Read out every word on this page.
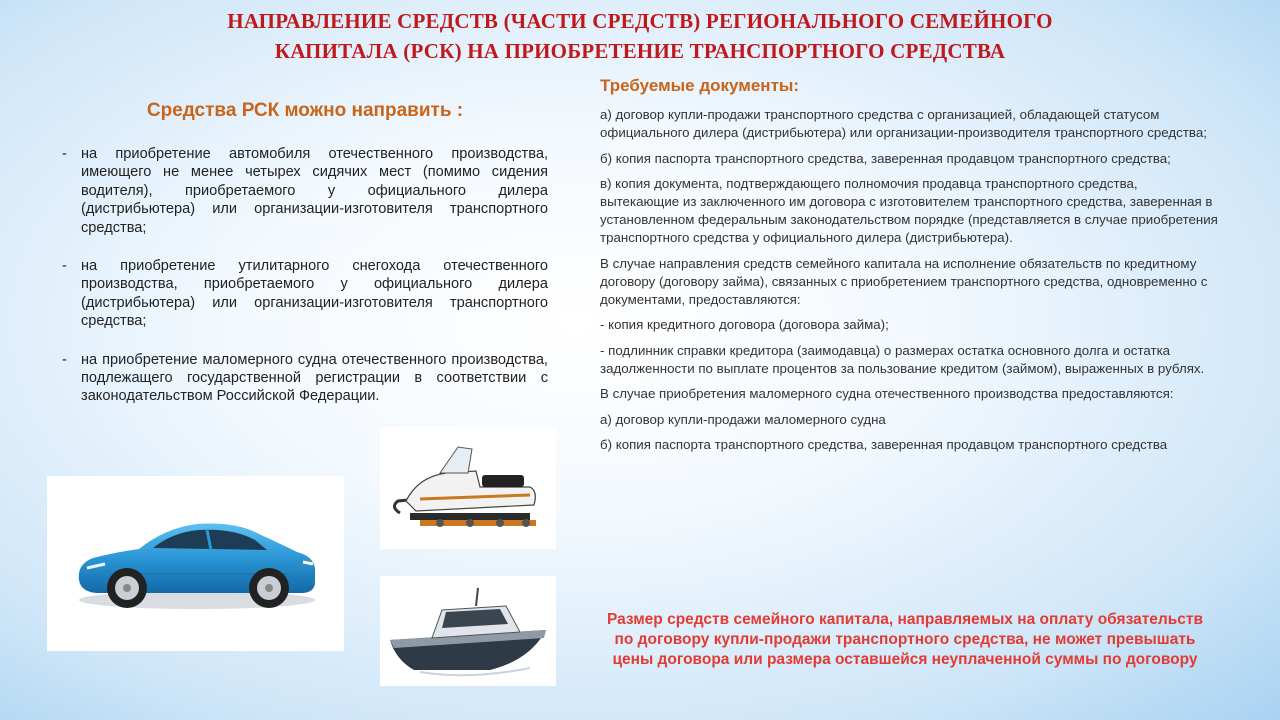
НАПРАВЛЕНИЕ СРЕДСТВ (ЧАСТИ СРЕДСТВ) РЕГИОНАЛЬНОГО СЕМЕЙНОГО
КАПИТАЛА (РСК) НА ПРИОБРЕТЕНИЕ ТРАНСПОРТНОГО СРЕДСТВА
Средства РСК можно направить :
- на приобретение автомобиля отечественного производства, имеющего не менее четырех сидячих мест (помимо сидения водителя), приобретаемого у официального дилера (дистрибьютера) или организации-изготовителя транспортного средства;
- на приобретение утилитарного снегохода отечественного производства, приобретаемого у официального дилера (дистрибьютера) или организации-изготовителя транспортного средства;
- на приобретение маломерного судна отечественного производства, подлежащего государственной регистрации в соответствии с законодательством Российской Федерации.
Требуемые документы:

а) договор купли-продажи транспортного средства с организацией, обладающей статусом официального дилера (дистрибьютера) или организации-производителя транспортного средства;

б) копия паспорта транспортного средства, заверенная продавцом транспортного средства;

в) копия документа, подтверждающего полномочия продавца транспортного средства, вытекающие из заключенного им договора с изготовителем транспортного средства, заверенная в установленном федеральным законодательством порядке (представляется в случае приобретения транспортного средства у официального дилера (дистрибьютера).

В случае направления средств семейного капитала на исполнение обязательств по кредитному договору (договору займа), связанных с приобретением транспортного средства, одновременно с документами, предоставляются:

- копия кредитного договора (договора займа);

- подлинник справки кредитора (заимодавца) о размерах остатка основного долга и остатка задолженности по выплате процентов за пользование кредитом (займом), выраженных в рублях.

В случае приобретения маломерного судна отечественного производства предоставляются:

а) договор купли-продажи маломерного судна

б) копия паспорта транспортного средства, заверенная продавцом транспортного средства

Размер средств семейного капитала, направляемых на оплату обязательств по договору купли-продажи транспортного средства, не может превышать цены договора или размера оставшейся неуплаченной суммы по договору
